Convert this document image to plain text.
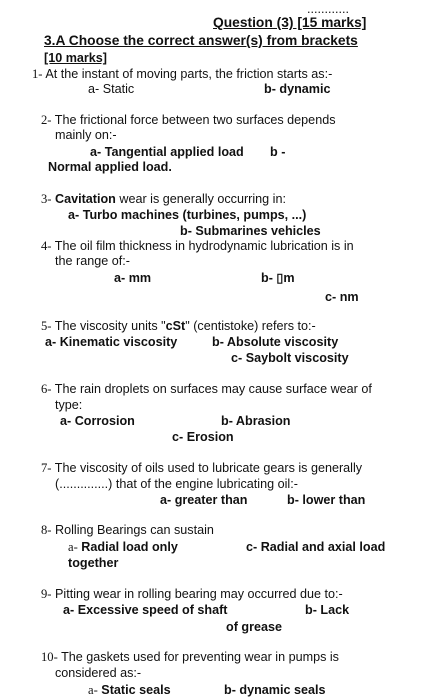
............
Question (3) [15 marks]
3.A Choose the correct answer(s) from brackets
[10 marks]
1- At the instant of moving parts, the friction starts as:-
a- Static	b- dynamic
2- The frictional force between two surfaces depends
mainly on:-
a- Tangential applied load b -
Normal applied load.
3- Cavitation wear is generally occurring in:
a- Turbo machines (turbines, pumps, ...)
b- Submarines vehicles
4- The oil film thickness in hydrodynamic lubrication is in
the range of:-
a- mm	b- ▯m
c- nm
5- The viscosity units "cSt" (centistoke) refers to:-
a- Kinematic viscosity	b- Absolute viscosity
c- Saybolt viscosity
6- The rain droplets on surfaces may cause surface wear of
type:
a- Corrosion	b- Abrasion
c- Erosion
7- The viscosity of oils used to lubricate gears is generally
(..............) that of the engine lubricating oil:-
a- greater than	b- lower than
8- Rolling Bearings can sustain
a- Radial load only
together
c- Radial and axial load
9- Pitting wear in rolling bearing may occurred due to:-
a- Excessive speed of shaft	b- Lack
of grease
10- The gaskets used for preventing wear in pumps is
considered as:-
a- Static seals	b- dynamic seals
